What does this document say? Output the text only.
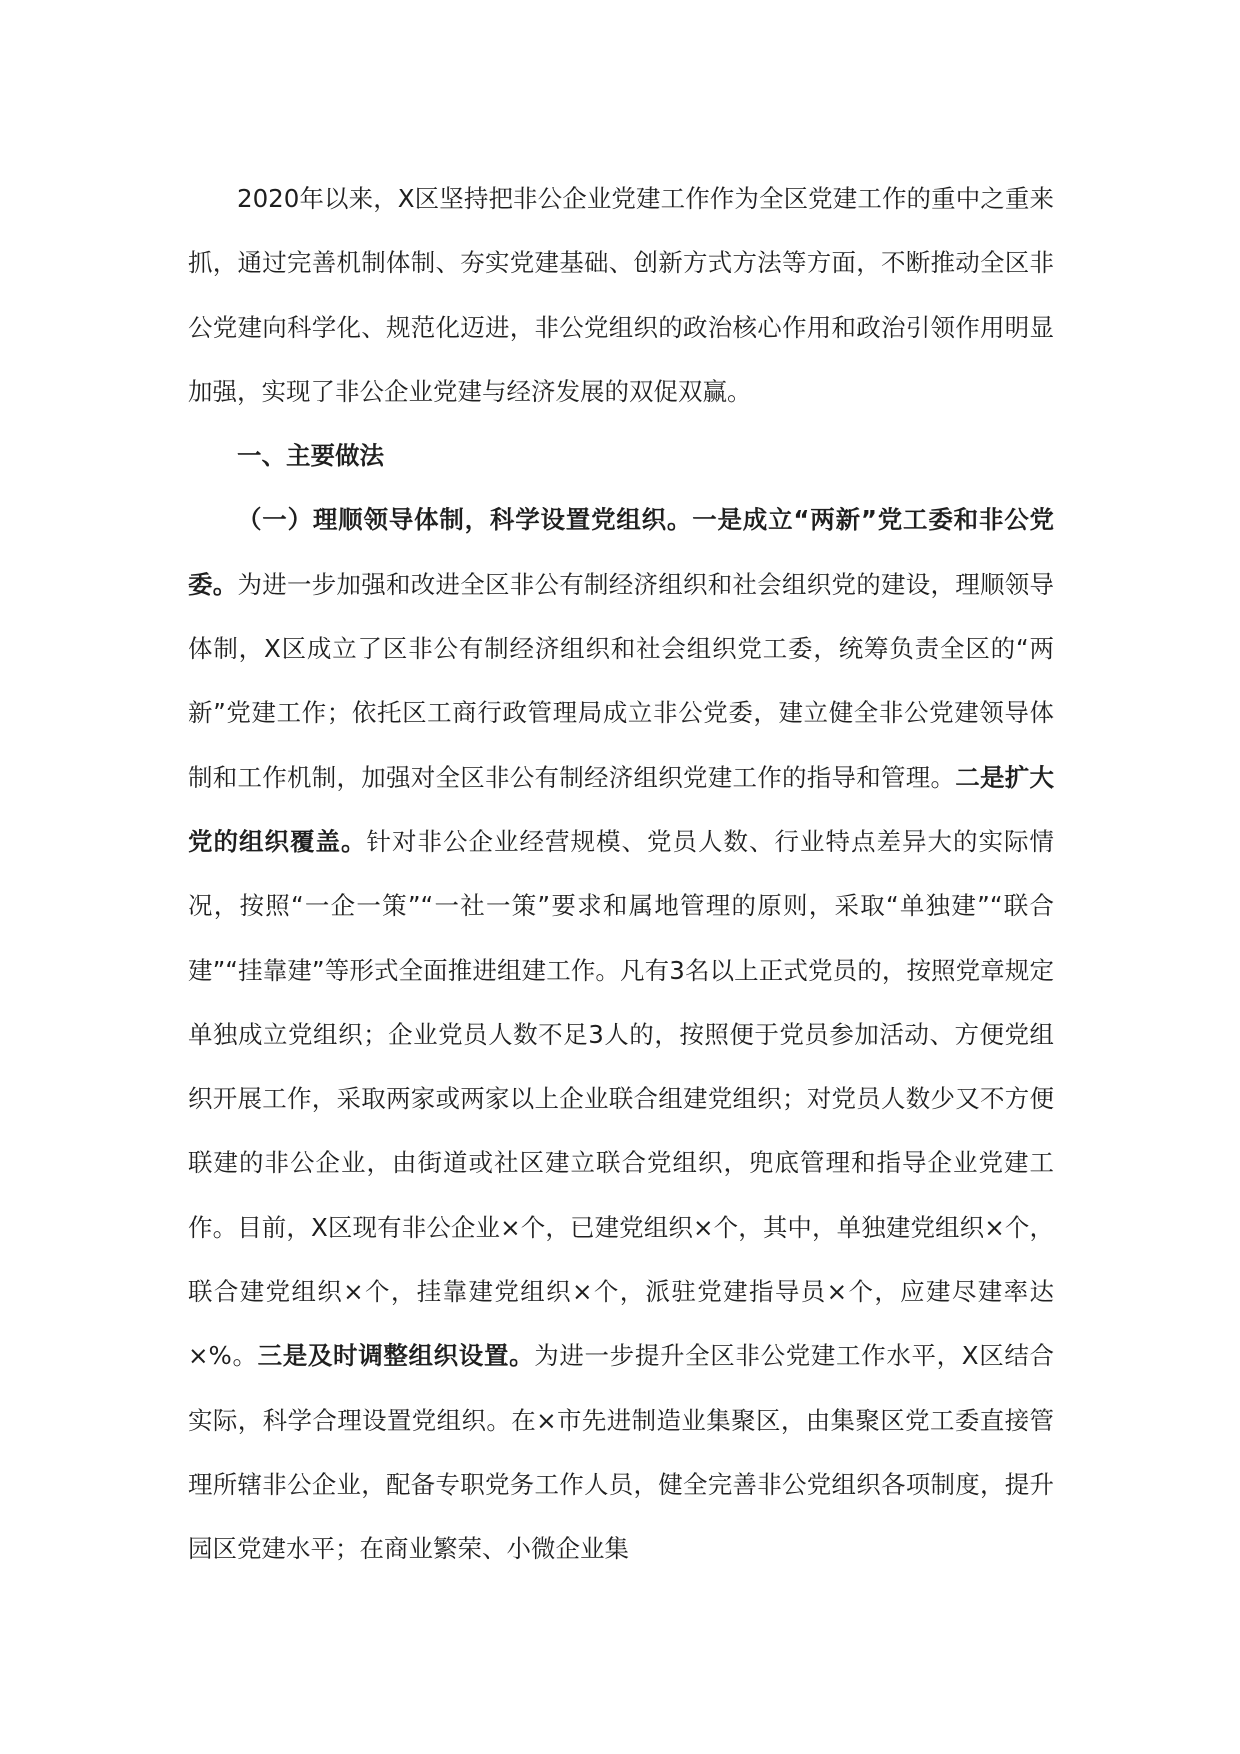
2020年以来，X区坚持把非公企业党建工作作为全区党建工作的重中之重来抓，通过完善机制体制、夯实党建基础、创新方式方法等方面，不断推动全区非公党建向科学化、规范化迈进，非公党组织的政治核心作用和政治引领作用明显加强，实现了非公企业党建与经济发展的双促双赢。

一、主要做法

（一）理顺领导体制，科学设置党组织。一是成立“两新”党工委和非公党委。为进一步加强和改进全区非公有制经济组织和社会组织党的建设，理顺领导体制，X区成立了区非公有制经济组织和社会组织党工委，统筹负责全区的“两新”党建工作；依托区工商行政管理局成立非公党委，建立健全非公党建领导体制和工作机制，加强对全区非公有制经济组织党建工作的指导和管理。二是扩大党的组织覆盖。针对非公企业经营规模、党员人数、行业特点差异大的实际情况，按照“一企一策”“一社一策”要求和属地管理的原则，采取“单独建”“联合建”“挂靠建”等形式全面推进组建工作。凡有3名以上正式党员的，按照党章规定单独成立党组织；企业党员人数不足3人的，按照便于党员参加活动、方便党组织开展工作，采取两家或两家以上企业联合组建党组织；对党员人数少又不方便联建的非公企业，由街道或社区建立联合党组织，兜底管理和指导企业党建工作。目前，X区现有非公企业×个，已建党组织×个，其中，单独建党组织×个，联合建党组织×个，挂靠建党组织×个，派驻党建指导员×个，应建尽建率达×%。三是及时调整组织设置。为进一步提升全区非公党建工作水平，X区结合实际，科学合理设置党组织。在×市先进制造业集聚区，由集聚区党工委直接管理所辖非公企业，配备专职党务工作人员，健全完善非公党组织各项制度，提升园区党建水平；在商业繁荣、小微企业集
